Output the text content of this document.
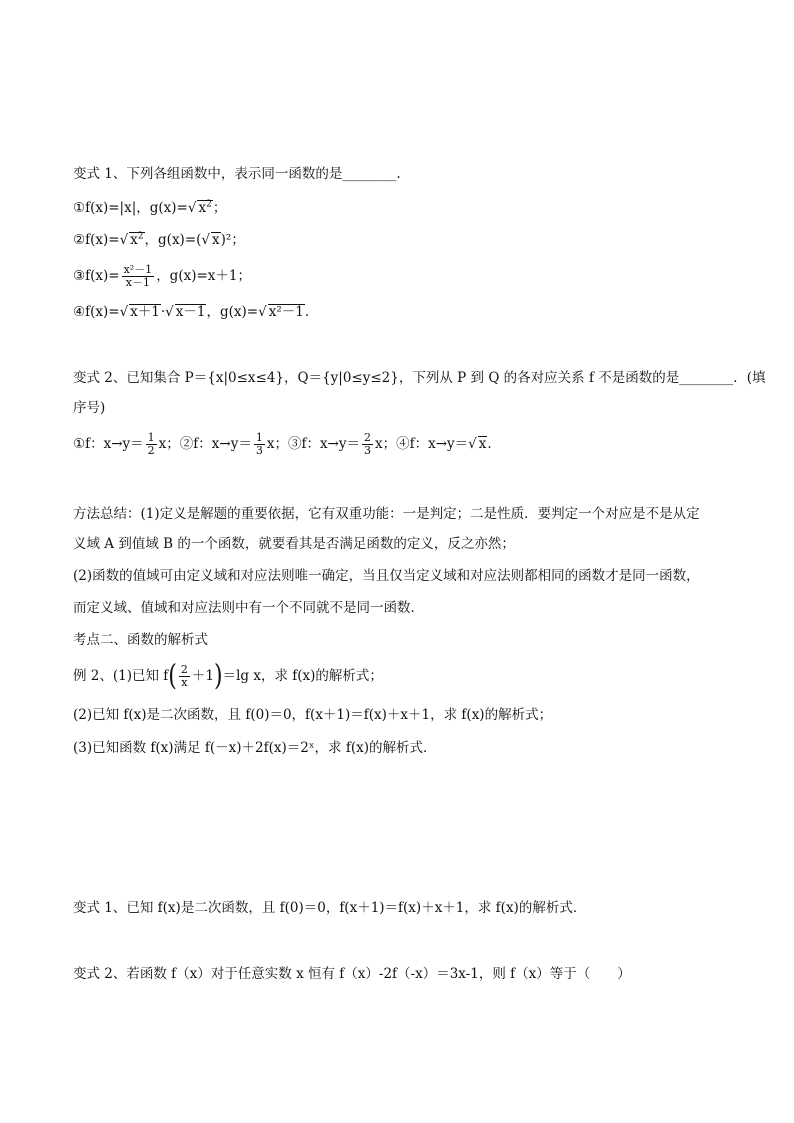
变式 1、下列各组函数中，表示同一函数的是________.
①f(x)=|x|，g(x)=√ $x^2$；
②f(x)=√ $x^2$，g(x)=(√ x)²；
③f(x)= $\frac{\text{x²－1}}{x-1}$ ，g(x)=x＋1；
④f(x)=√ x＋1·√ x－1，g(x)=√ x²－1.
变式 2、已知集合 P＝{x|0≤x≤4}，Q＝{y|0≤y≤2}，下列从 P 到 Q 的各对应关系 f 不是函数的是________．(填
序号)
①f：$x\to y= \frac{1}{2}$ x；②f：$x\to y= \frac{1}{3}$ x；③f：$x\to y= \frac{2}{3}$ x；④f：x→y＝√ x.
方法总结：(1)定义是解题的重要依据，它有双重功能：一是判定；二是性质．要判定一个对应是不是从定
义域 A 到值域 B 的一个函数，就要看其是否满足函数的定义，反之亦然；
(2)函数的值域可由定义域和对应法则唯一确定，当且仅当定义域和对应法则都相同的函数才是同一函数，
而定义域、值域和对应法则中有一个不同就不是同一函数．
考点二、函数的解析式
例 2、(1)已知 $f( \frac{2}{x} +1)=\lg$ x，求 f(x)的解析式；
(2)已知 f(x)是二次函数，且 f(0)＝0，f(x＋1)＝f(x)＋x＋1，求 f(x)的解析式；
(3)已知函数 f(x)满足 f(－x)＋2f(x)＝2ˣ，求 f(x)的解析式．
变式 1、已知 f(x)是二次函数，且 f(0)＝0，f(x＋1)＝f(x)＋x＋1，求 f(x)的解析式．
变式 2、若函数 f（x）对于任意实数 x 恒有 f（x）-2f（-x）＝3x-1，则 f（x）等于（　　）
